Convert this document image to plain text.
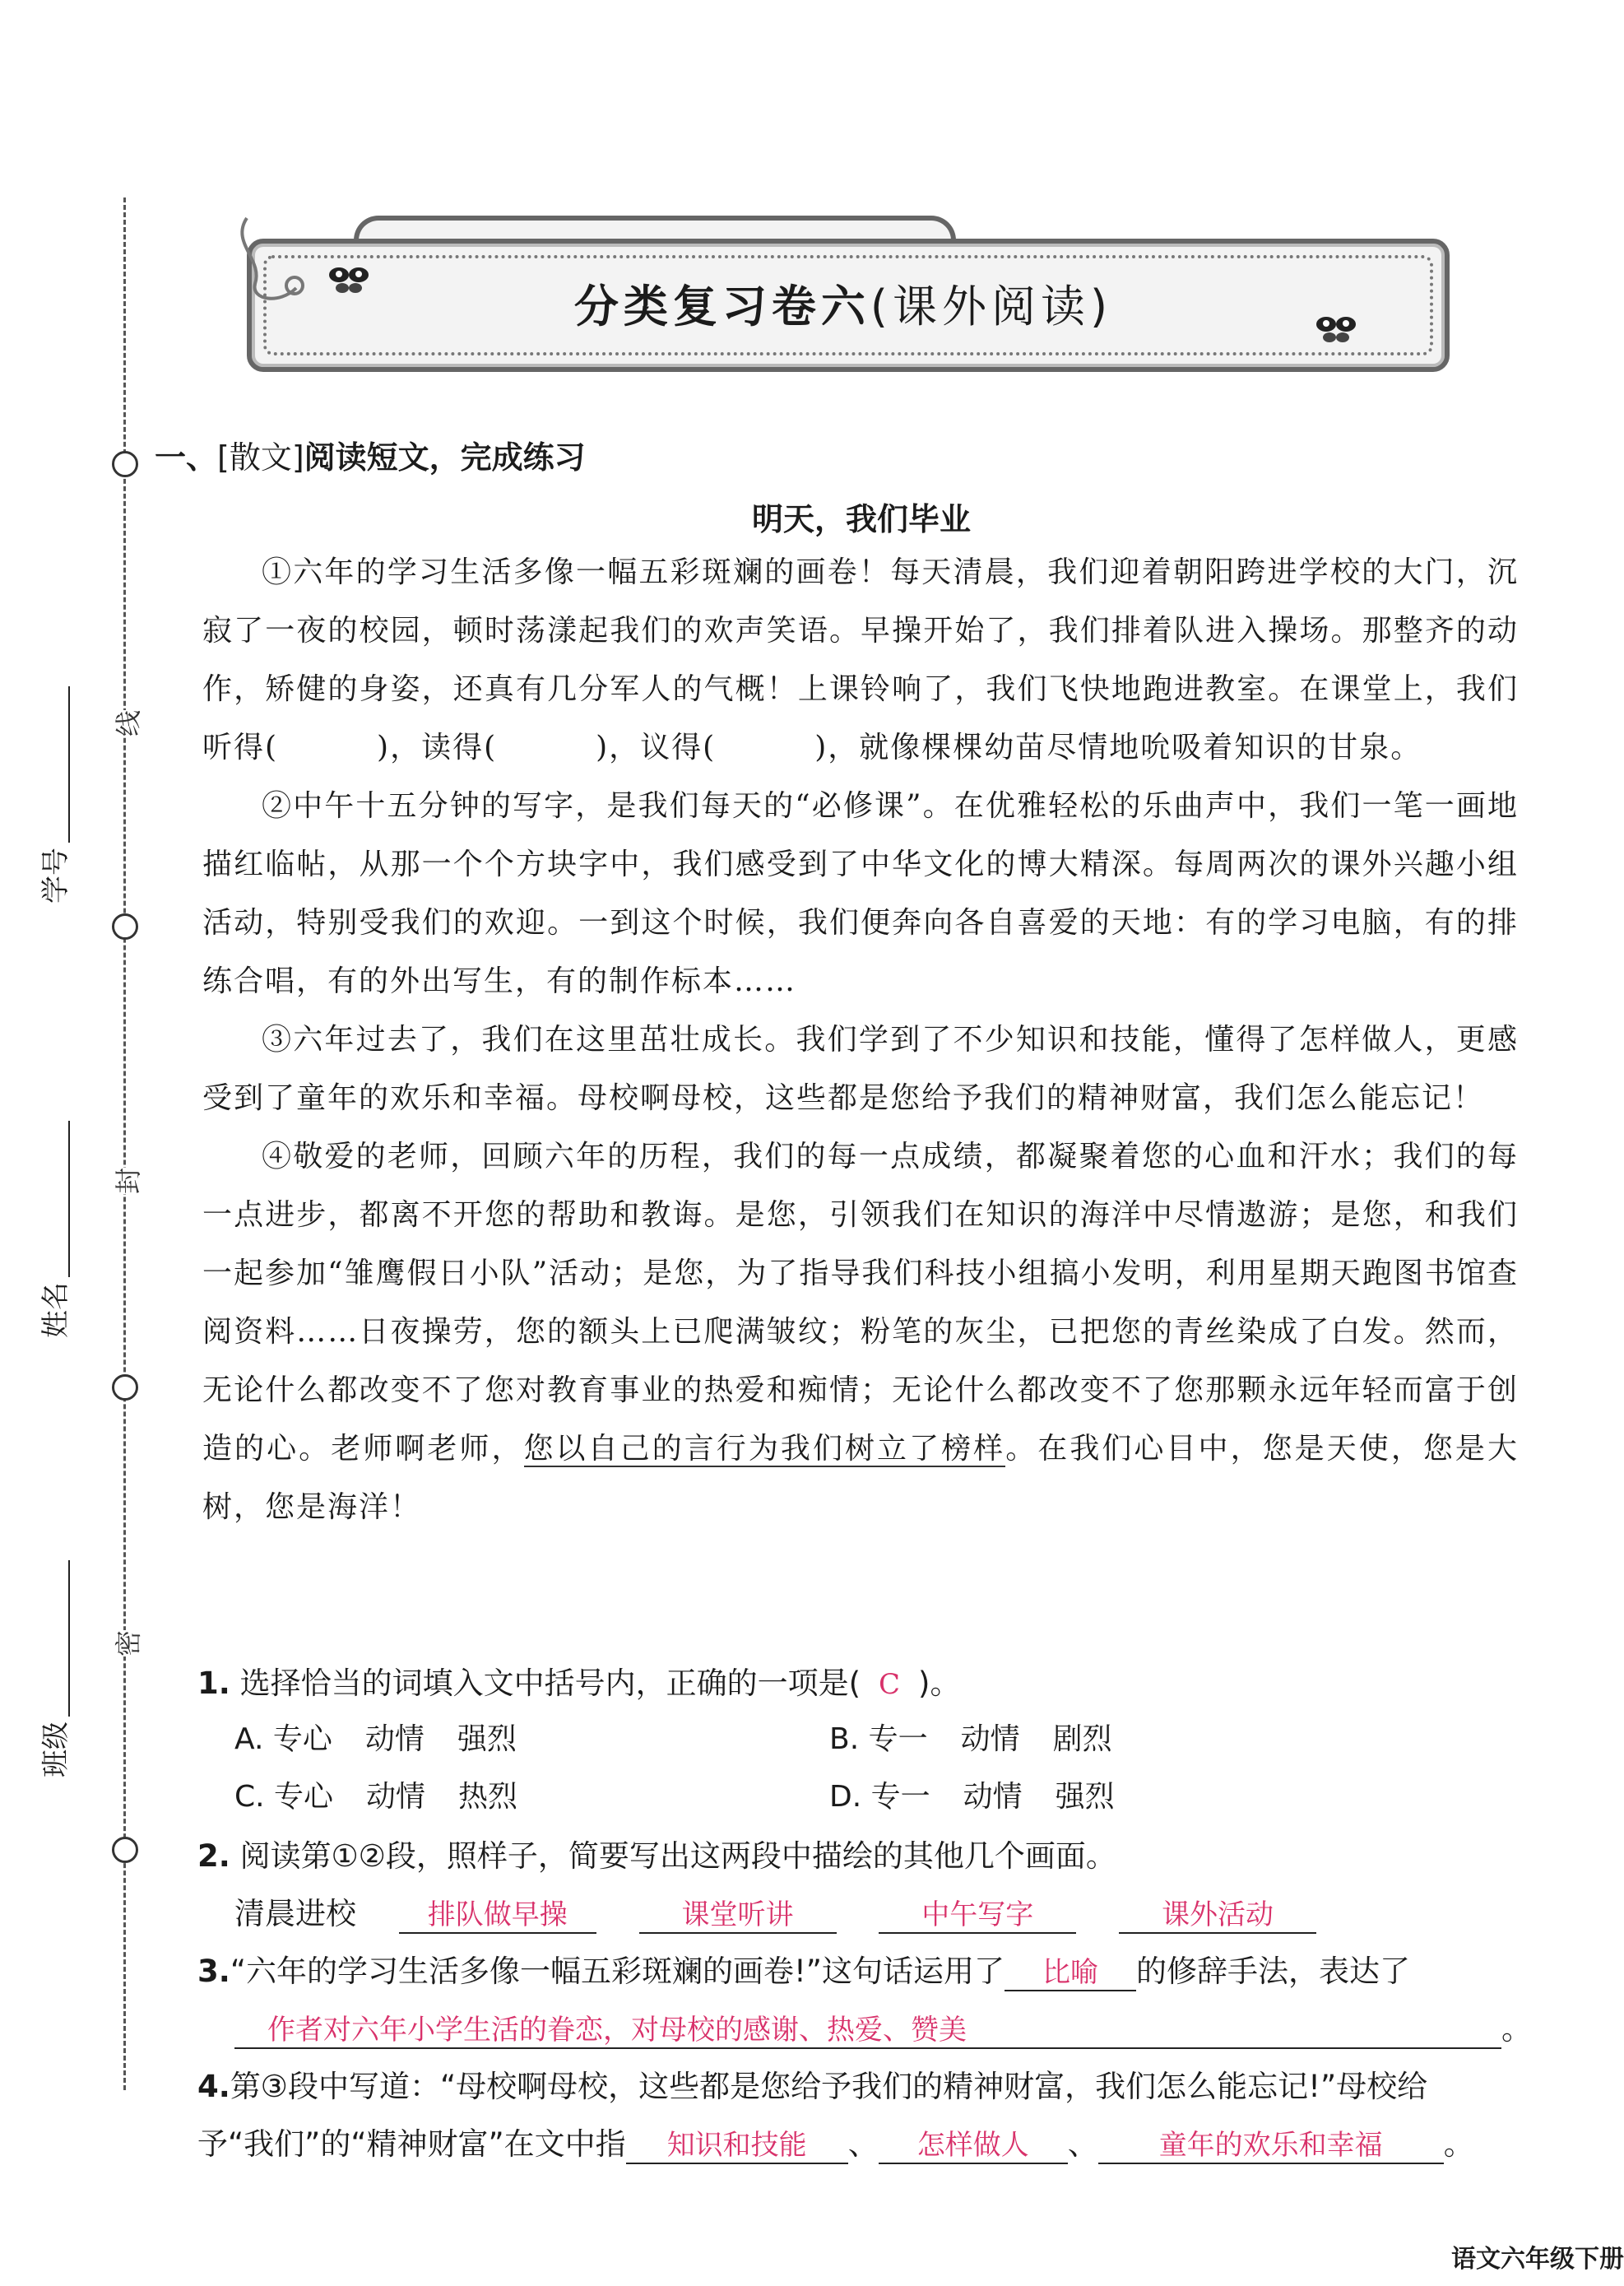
线
封
密
学号
姓名
班级
分类复习卷六(课外阅读)
一、[散文]阅读短文，完成练习
明天，我们毕业

①六年的学习生活多像一幅五彩斑斓的画卷！每天清晨，我们迎着朝阳跨进学校的大门，沉寂了一夜的校园，顿时荡漾起我们的欢声笑语。早操开始了，我们排着队进入操场。那整齐的动作，矫健的身姿，还真有几分军人的气概！上课铃响了，我们飞快地跑进教室。在课堂上，我们听得(	)，读得(	)，议得(	)，就像棵棵幼苗尽情地吮吸着知识的甘泉。

②中午十五分钟的写字，是我们每天的“必修课”。在优雅轻松的乐曲声中，我们一笔一画地描红临帖，从那一个个方块字中，我们感受到了中华文化的博大精深。每周两次的课外兴趣小组活动，特别受我们的欢迎。一到这个时候，我们便奔向各自喜爱的天地：有的学习电脑，有的排练合唱，有的外出写生，有的制作标本……

③六年过去了，我们在这里茁壮成长。我们学到了不少知识和技能，懂得了怎样做人，更感受到了童年的欢乐和幸福。母校啊母校，这些都是您给予我们的精神财富，我们怎么能忘记！

④敬爱的老师，回顾六年的历程，我们的每一点成绩，都凝聚着您的心血和汗水；我们的每一点进步，都离不开您的帮助和教诲。是您，引领我们在知识的海洋中尽情遨游；是您，和我们一起参加“雏鹰假日小队”活动；是您，为了指导我们科技小组搞小发明，利用星期天跑图书馆查阅资料……日夜操劳，您的额头上已爬满皱纹；粉笔的灰尘，已把您的青丝染成了白发。然而，无论什么都改变不了您对教育事业的热爱和痴情；无论什么都改变不了您那颗永远年轻而富于创造的心。老师啊老师，您以自己的言行为我们树立了榜样。在我们心目中，您是天使，您是大树，您是海洋！

1. 选择恰当的词填入文中括号内，正确的一项是( C )。
A. 专心 动情 强烈	B. 专一 动情 剧烈
C. 专心 动情 热烈	D. 专一 动情 强烈
2. 阅读第①②段，照样子，简要写出这两段中描绘的其他几个画面。
清晨进校	排队做早操	课堂听讲	中午写字	课外活动
3.“六年的学习生活多像一幅五彩斑斓的画卷!”这句话运用了 比喻 的修辞手法，表达了
作者对六年小学生活的眷恋，对母校的感谢、热爱、赞美	。
4.第③段中写道：“母校啊母校，这些都是您给予我们的精神财富，我们怎么能忘记!”母校给
予“我们”的“精神财富”在文中指 知识和技能 、 怎样做人 、 童年的欢乐和幸福 。
语文六年级下册
